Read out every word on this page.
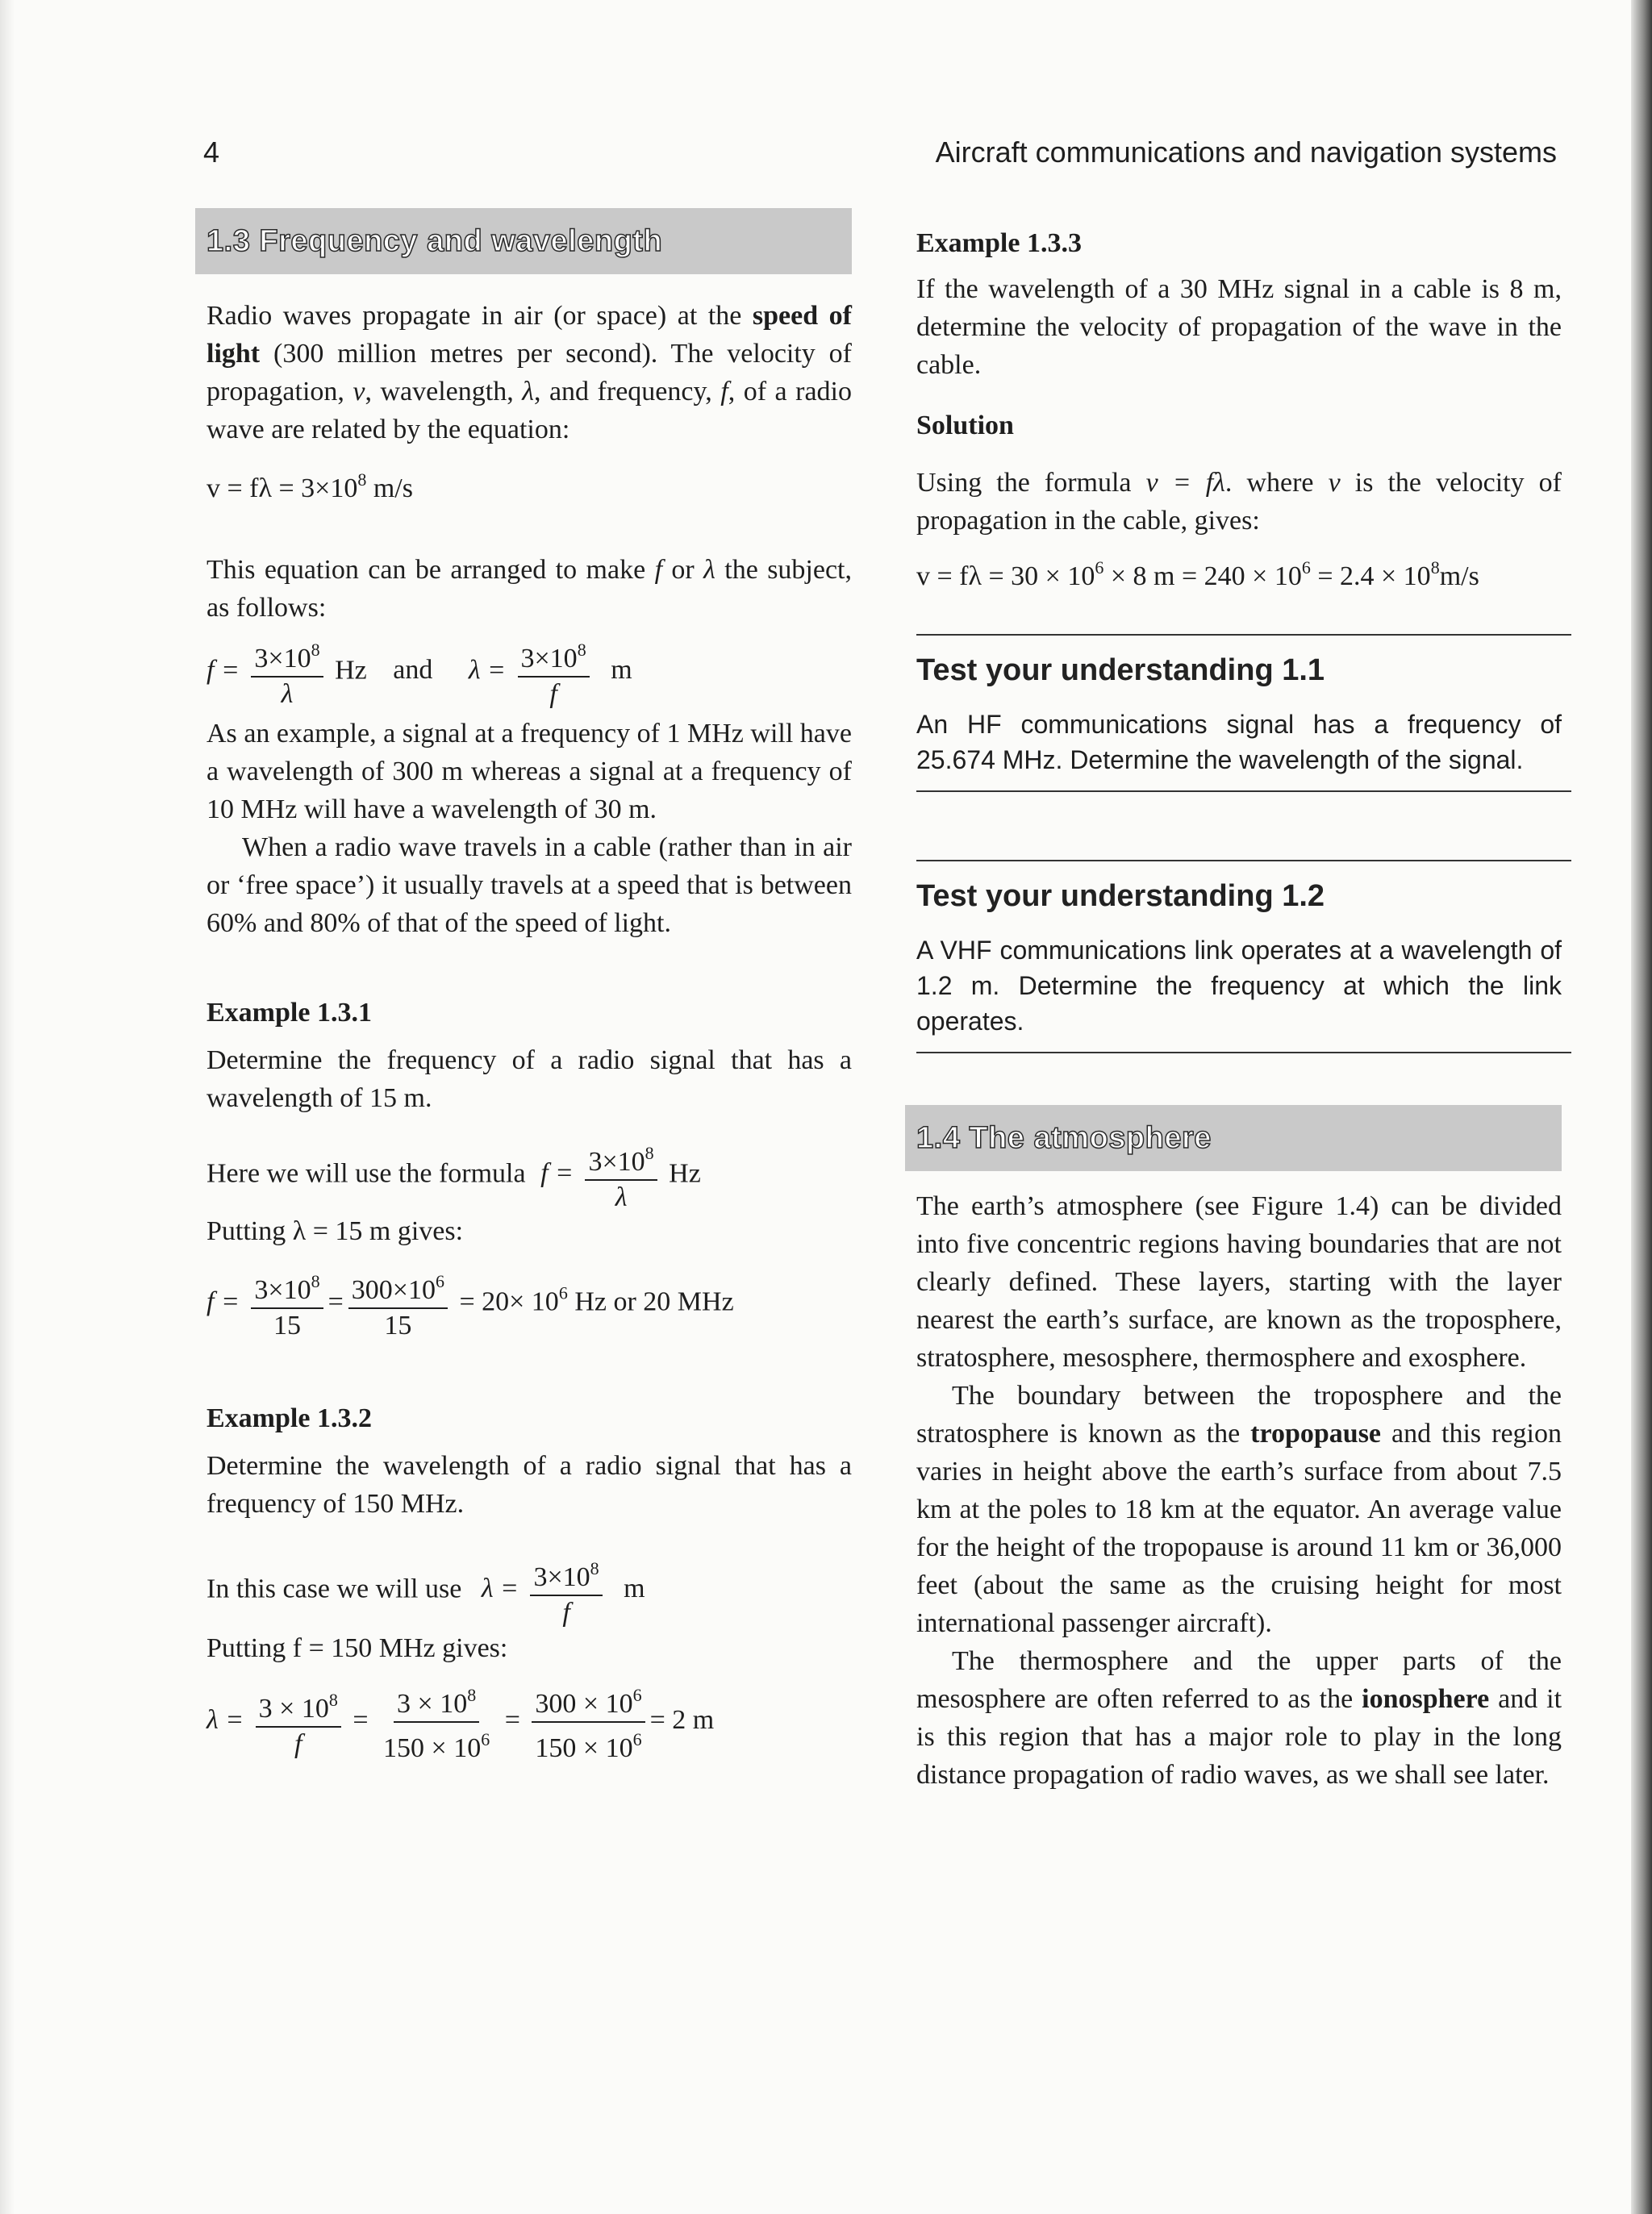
4	Aircraft communications and navigation systems
1.3 Frequency and wavelength

Radio waves propagate in air (or space) at the speed of light (300 million metres per second). The velocity of propagation, v, wavelength, λ, and frequency, f, of a radio wave are related by the equation:

$v = f\lambda = 3\times 10^8$ m/s

This equation can be arranged to make f or λ the subject, as follows:

$f = \frac{3\times 10^8}{\lambda}$ Hz and $\lambda = \frac{3\times 10^8}{f}$ m

As an example, a signal at a frequency of 1 MHz will have a wavelength of 300 m whereas a signal at a frequency of 10 MHz will have a wavelength of 30 m.

When a radio wave travels in a cable (rather than in air or ‘free space’) it usually travels at a speed that is between 60% and 80% of that of the speed of light.

Example 1.3.1

Determine the frequency of a radio signal that has a wavelength of 15 m.

Here we will use the formula $f = \frac{3\times 10^8}{\lambda}$ Hz
Putting λ = 15 m gives:
$f = \frac{3\times 10^8}{15} = \frac{300\times 10^6}{15} = 20\times 10^6$ Hz or 20 MHz
Example 1.3.2

Determine the wavelength of a radio signal that has a frequency of 150 MHz.

In this case we will use $\lambda = \frac{3\times 10^8}{f}$ m
Putting f = 150 MHz gives:
$\lambda = \frac{3 \times 10^8}{f} = \frac{3 \times 10^8}{150 \times 10^6} = \frac{300 \times 10^6}{150 \times 10^6} = 2$ m
Example 1.3.3

If the wavelength of a 30 MHz signal in a cable is 8 m, determine the velocity of propagation of the wave in the cable.

Solution

Using the formula v = fλ. where v is the velocity of propagation in the cable, gives:

$v = f\lambda = 30 \times 10^6 \times 8$ $m = 240 \times 10^6 = 2.4 \times 10^8m/s$
Test your understanding 1.1

An HF communications signal has a frequency of 25.674 MHz. Determine the wavelength of the signal.

Test your understanding 1.2

A VHF communications link operates at a wavelength of 1.2 m. Determine the frequency at which the link operates.

1.4 The atmosphere

The earth’s atmosphere (see Figure 1.4) can be divided into five concentric regions having boundaries that are not clearly defined. These layers, starting with the layer nearest the earth’s surface, are known as the troposphere, stratosphere, mesosphere, thermosphere and exosphere.

The boundary between the troposphere and the stratosphere is known as the tropopause and this region varies in height above the earth’s surface from about 7.5 km at the poles to 18 km at the equator. An average value for the height of the tropopause is around 11 km or 36,000 feet (about the same as the cruising height for most international passenger aircraft).

The thermosphere and the upper parts of the mesosphere are often referred to as the ionosphere and it is this region that has a major role to play in the long distance propagation of radio waves, as we shall see later.
